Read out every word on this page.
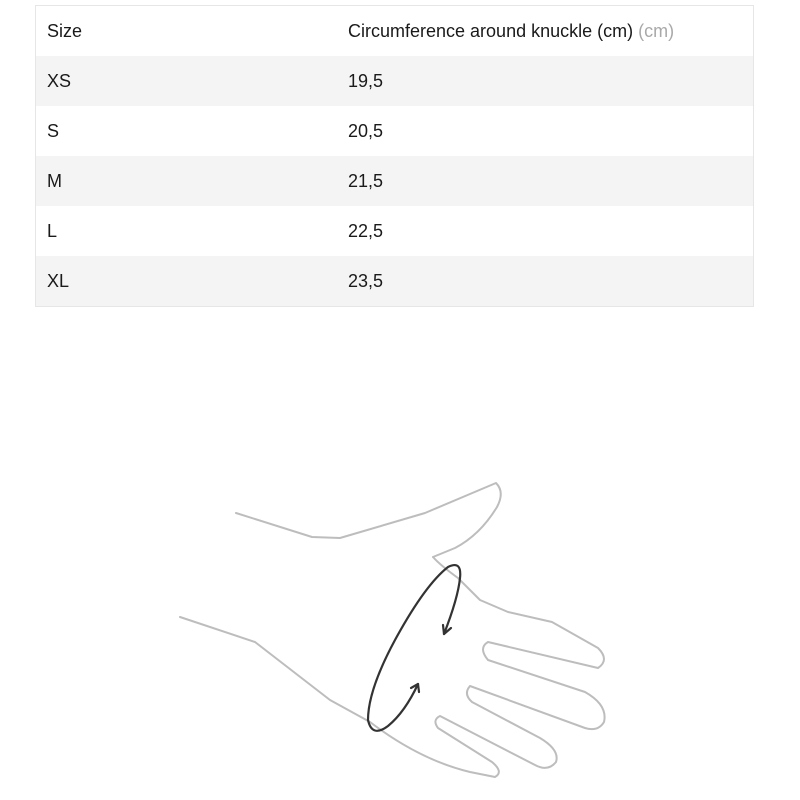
Size	Circumference around knuckle (cm) (cm)
XS	19,5
S	20,5
M	21,5
L	22,5
XL	23,5
